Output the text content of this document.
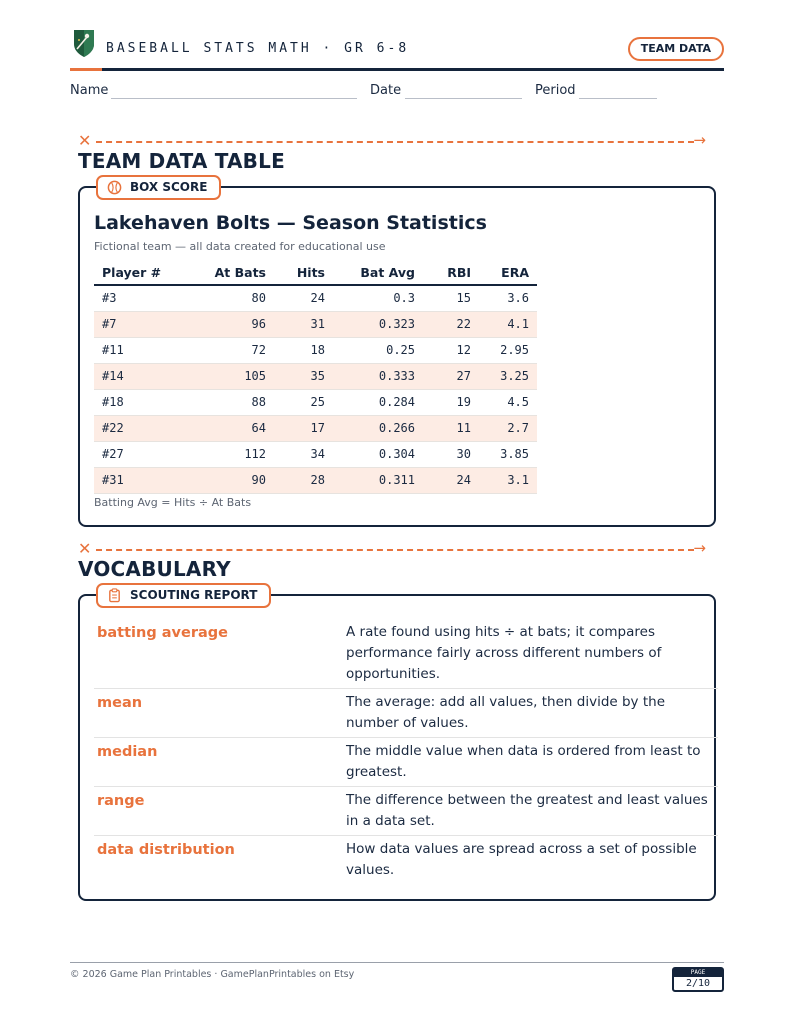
BASEBALL STATS MATH · GR 6-8	TEAM DATA
Name	Date	Period
✕	→
TEAM DATA TABLE
BOX SCORE
Lakehaven Bolts — Season Statistics
Fictional team — all data created for educational use
Player #	At Bats	Hits	Bat Avg	RBI	ERA
#3	80	24	0.3	15	3.6
#7	96	31	0.323	22	4.1
#11	72	18	0.25	12	2.95
#14	105	35	0.333	27	3.25
#18	88	25	0.284	19	4.5
#22	64	17	0.266	11	2.7
#27	112	34	0.304	30	3.85
#31	90	28	0.311	24	3.1
Batting Avg = Hits ÷ At Bats
✕	→
VOCABULARY
SCOUTING REPORT
batting average	A rate found using hits ÷ at bats; it compares performance fairly across different numbers of opportunities.
mean	The average: add all values, then divide by the number of values.
median	The middle value when data is ordered from least to greatest.
range	The difference between the greatest and least values in a data set.
data distribution	How data values are spread across a set of possible values.
© 2026 Game Plan Printables · GamePlanPrintables on Etsy	PAGE
2/10
